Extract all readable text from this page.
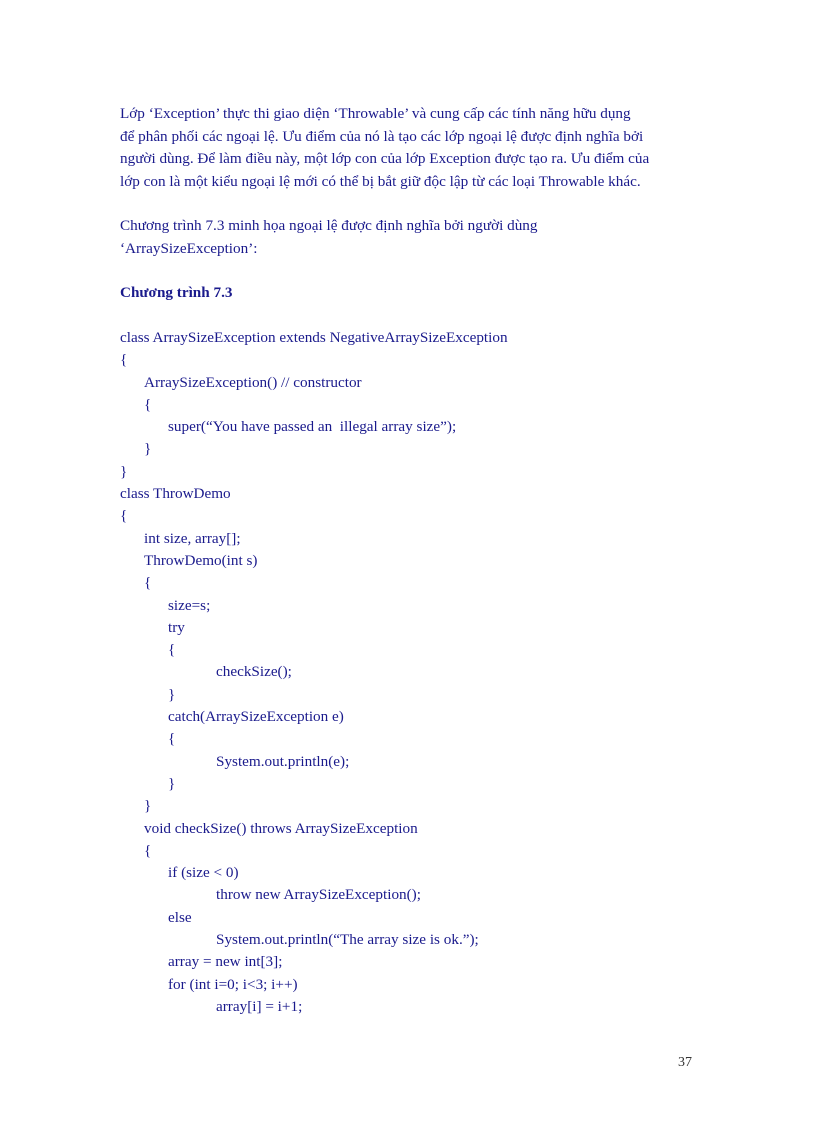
Lớp ‘Exception’ thực thi giao diện ‘Throwable’ và cung cấp các tính năng hữu dụng
để phân phối các ngoại lệ. Ưu điểm của nó là tạo các lớp ngoại lệ được định nghĩa bởi
người dùng. Để làm điều này, một lớp con của lớp Exception được tạo ra. Ưu điểm của
lớp con là một kiểu ngoại lệ mới có thể bị bắt giữ độc lập từ các loại Throwable khác.

Chương trình 7.3 minh họa ngoại lệ được định nghĩa bởi người dùng
‘ArraySizeException’:

Chương trình 7.3
class ArraySizeException extends NegativeArraySizeException
{
ArraySizeException() // constructor
{
super(“You have passed an  illegal array size”);
}
}
class ThrowDemo
{
int size, array[];
ThrowDemo(int s)
{
size=s;
try
{
checkSize();
}
catch(ArraySizeException e)
{
System.out.println(e);
}
}
void checkSize() throws ArraySizeException
{
if (size < 0)
throw new ArraySizeException();
else
System.out.println(“The array size is ok.”);
array = new int[3];
for (int i=0; i<3; i++)
array[i] = i+1;
37
